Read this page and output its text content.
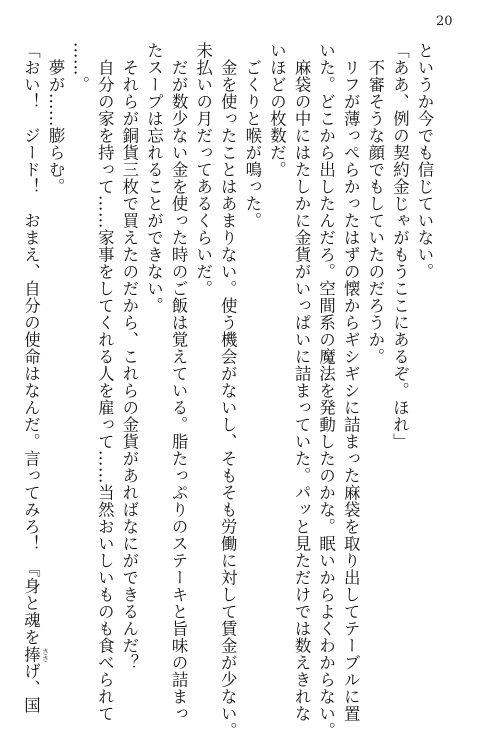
20
というか今でも信じていない。
「ああ、例の契約金じゃがもうここにあるぞ。ほれ」
　不審そうな顔でもしていたのだろうか。
　リフが薄っぺらかったはずの懐からギシギシに詰まった麻袋を取り出してテーブルに置
いた。どこから出したんだろ。空間系の魔法を発動したのかな。眠いからよくわからない。
　麻袋の中にはたしかに金貨がいっぱいに詰まっていた。パッと見ただけでは数えきれな
いほどの枚数だ。
　ごくりと喉が鳴った。
　金を使ったことはあまりない。使う機会がないし、そもそも労働に対して賃金が少ない。
未払いの月だってあるくらいだ。
　だが数少ない金を使った時のご飯は覚えている。脂たっぷりのステーキと旨味の詰まっ
たスープは忘れることができない。
　それらが銅貨三枚で買えたのだから、これらの金貨があればなにができるんだ？
　自分の家を持って……家事をしてくれる人を雇って……当然おいしいものも食べられて
……。
　夢が……膨らむ。
「おい！　ジード！　おまえ、自分の使命はなんだ。言ってみろ！　『身と魂を捧 ささ
げ、国
